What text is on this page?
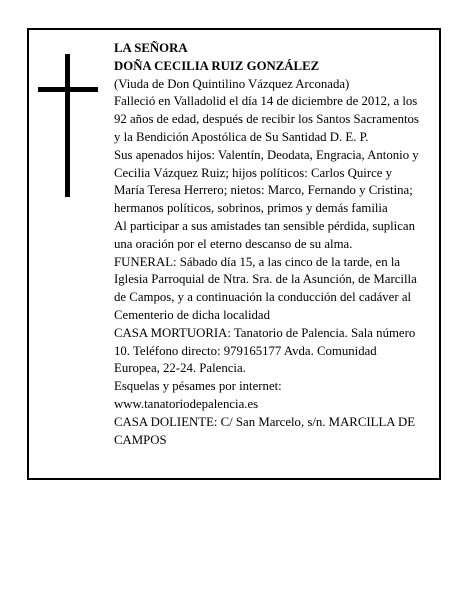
LA SEÑORA

DOÑA CECILIA RUIZ GONZÁLEZ

(Viuda de Don Quintilino Vázquez Arconada)

Falleció en Valladolid el día 14 de diciembre de 2012, a los 92 años de edad, después de recibir los Santos Sacramentos y la Bendición Apostólica de Su Santidad D. E. P.

Sus apenados hijos: Valentín, Deodata, Engracia, Antonio y Cecilia Vázquez Ruiz; hijos políticos: Carlos Quirce y María Teresa Herrero; nietos: Marco, Fernando y Cristina; hermanos políticos, sobrinos, primos y demás familia

Al participar a sus amistades tan sensible pérdida, suplican una oración por el eterno descanso de su alma.

FUNERAL: Sábado día 15, a las cinco de la tarde, en la Iglesia Parroquial de Ntra. Sra. de la Asunción, de Marcilla de Campos, y a continuación la conducción del cadáver al Cementerio de dicha localidad

CASA MORTUORIA: Tanatorio de Palencia. Sala número 10. Teléfono directo: 979165177 Avda. Comunidad Europea, 22-24. Palencia.

Esquelas y pésames por internet: www.tanatoriodepalencia.es

CASA DOLIENTE: C/ San Marcelo, s/n. MARCILLA DE CAMPOS
